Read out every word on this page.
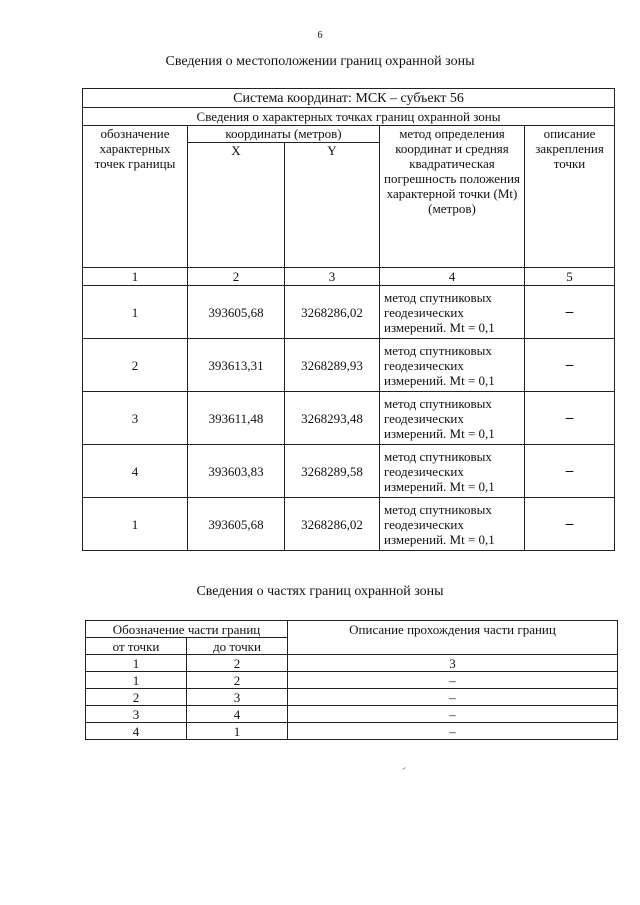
6
Сведения о местоположении границ охранной зоны
Система координат: МСК – субъект 56				
Сведения о характерных точках границ охранной зоны				
обозначение характерных точек границы	координаты (метров)		метод определения координат и средняя квадратическая погрешность положения характерной точки (Mt) (метров)	описание закрепления точки
	X	Y		
1	2	3	4	5
1	393605,68	3268286,02	метод спутниковых геодезических измерений. Mt = 0,1	–
2	393613,31	3268289,93	метод спутниковых геодезических измерений. Mt = 0,1	–
3	393611,48	3268293,48	метод спутниковых геодезических измерений. Mt = 0,1	–
4	393603,83	3268289,58	метод спутниковых геодезических измерений. Mt = 0,1	–
1	393605,68	3268286,02	метод спутниковых геодезических измерений. Mt = 0,1	–
Сведения о частях границ охранной зоны
Обозначение части границ		Описание прохождения части границ
от точки	до точки	
1	2	3
1	2	–
2	3	–
3	4	–
4	1	–
